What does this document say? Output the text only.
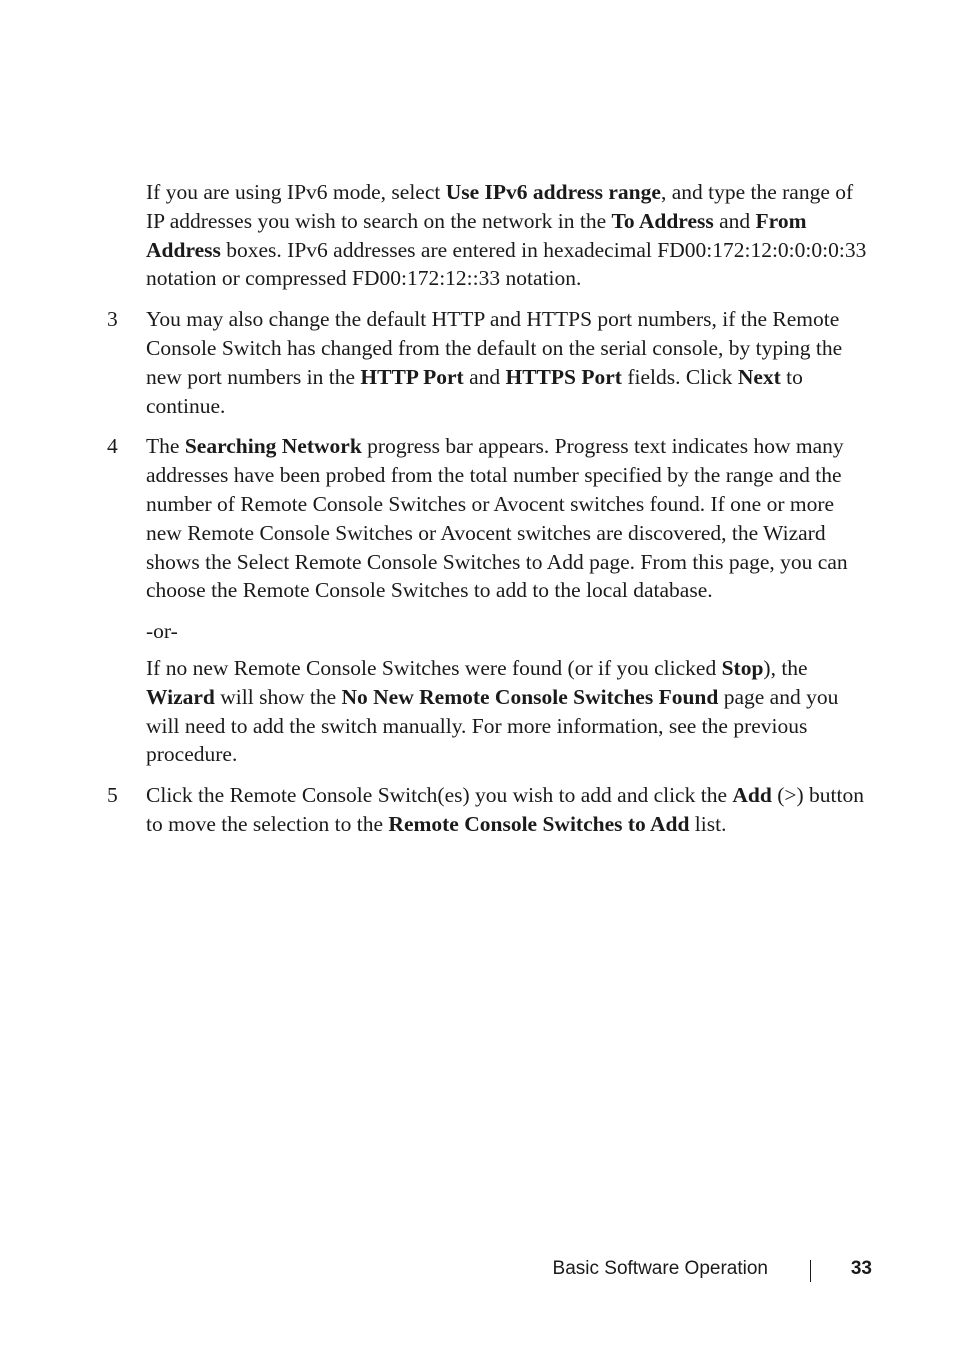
If you are using IPv6 mode, select Use IPv6 address range, and type the range of IP addresses you wish to search on the network in the To Address and From Address boxes. IPv6 addresses are entered in hexadecimal FD00:172:12:0:0:0:0:33 notation or compressed FD00:172:12::33 notation.

3 You may also change the default HTTP and HTTPS port numbers, if the Remote Console Switch has changed from the default on the serial console, by typing the new port numbers in the HTTP Port and HTTPS Port fields. Click Next to continue.
4 The Searching Network progress bar appears. Progress text indicates how many addresses have been probed from the total number specified by the range and the number of Remote Console Switches or Avocent switches found. If one or more new Remote Console Switches or Avocent switches are discovered, the Wizard shows the Select Remote Console Switches to Add page. From this page, you can choose the Remote Console Switches to add to the local database.

-or-

If no new Remote Console Switches were found (or if you clicked Stop), the Wizard will show the No New Remote Console Switches Found page and you will need to add the switch manually. For more information, see the previous procedure.

5 Click the Remote Console Switch(es) you wish to add and click the Add (>) button to move the selection to the Remote Console Switches to Add list.
Basic Software Operation	33
